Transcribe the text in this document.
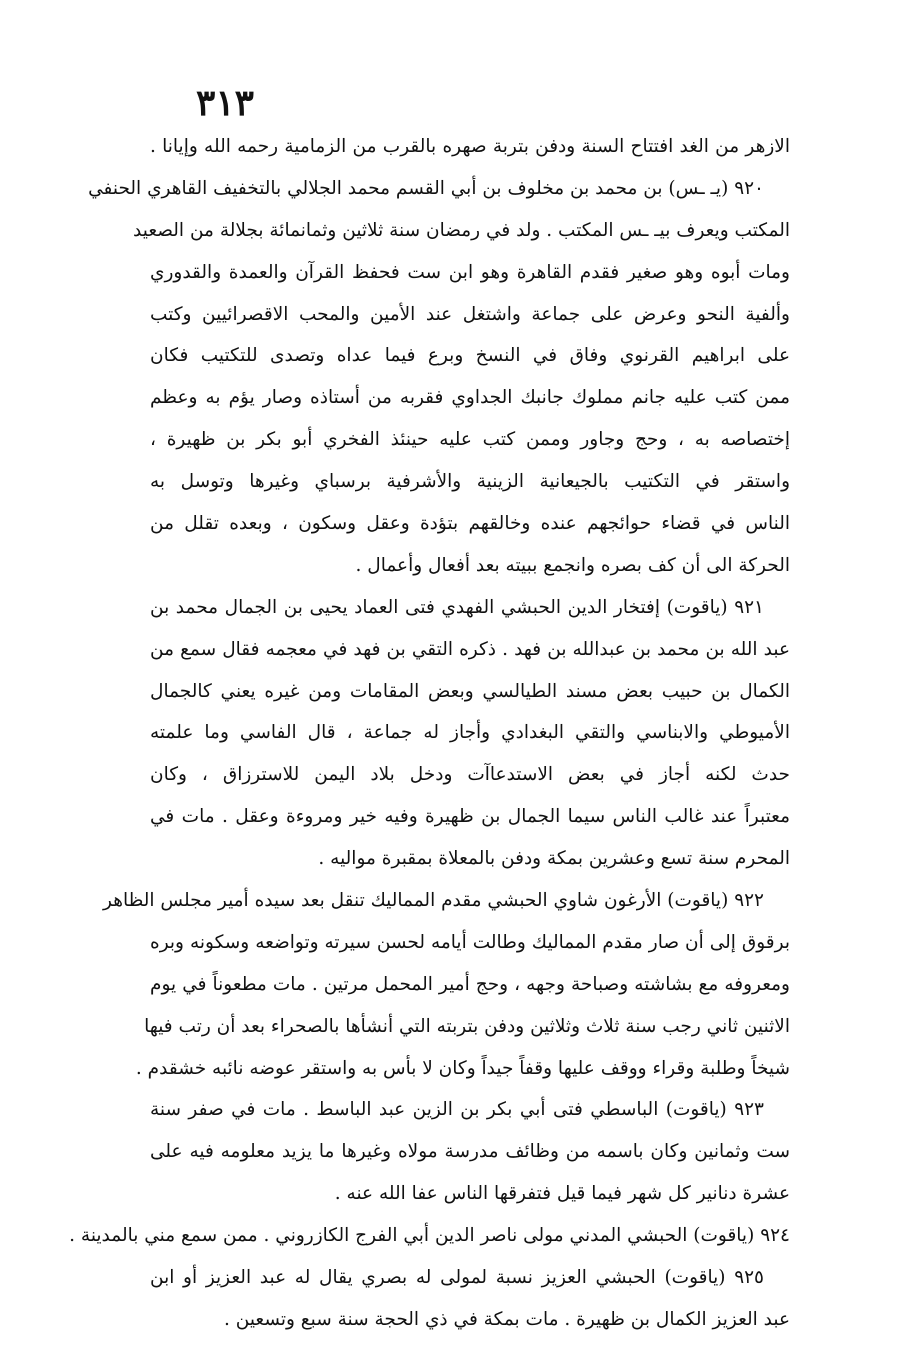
٣١٣
الازهر من الغد افتتاح السنة ودفن بتربة صهره بالقرب من الزمامية رحمه الله وإيانا .
٩٢٠ (يـ ـس) بن محمد بن مخلوف بن أبي القسم محمد الجلالي بالتخفيف القاهري الحنفي
المكتب ويعرف بيـ ـس المكتب . ولد في رمضان سنة ثلاثين وثمانمائة بجلالة من الصعيد
ومات أبوه وهو صغير فقدم القاهرة وهو ابن ست فحفظ القرآن والعمدة والقدوري
وألفية النحو وعرض على جماعة واشتغل عند الأمين والمحب الاقصرائيين وكتب
على ابراهيم القرنوي وفاق في النسخ وبرع فيما عداه وتصدى للتكتيب فكان
ممن كتب عليه جانم مملوك جانبك الجداوي فقربه من أستاذه وصار يؤم به وعظم
إختصاصه به ، وحج وجاور وممن كتب عليه حينئذ الفخري أبو بكر بن ظهيرة ،
واستقر في التكتيب بالجيعانية الزينية والأشرفية برسباي وغيرها وتوسل به
الناس في قضاء حوائجهم عنده وخالقهم بتؤدة وعقل وسكون ، وبعده تقلل من
الحركة الى أن كف بصره وانجمع ببيته بعد أفعال وأعمال .
٩٢١ (ياقوت) إفتخار الدين الحبشي الفهدي فتى العماد يحيى بن الجمال محمد بن
عبد الله بن محمد بن عبدالله بن فهد . ذكره التقي بن فهد في معجمه فقال سمع من
الكمال بن حبيب بعض مسند الطيالسي وبعض المقامات ومن غيره يعني كالجمال
الأميوطي والابناسي والتقي البغدادي وأجاز له جماعة ، قال الفاسي وما علمته
حدث لكنه أجاز في بعض الاستدعاآت ودخل بلاد اليمن للاسترزاق ، وكان
معتبراً عند غالب الناس سيما الجمال بن ظهيرة وفيه خير ومروءة وعقل . مات في
المحرم سنة تسع وعشرين بمكة ودفن بالمعلاة بمقبرة مواليه .
٩٢٢ (ياقوت) الأرغون شاوي الحبشي مقدم المماليك تنقل بعد سيده أمير مجلس الظاهر
برقوق إلى أن صار مقدم المماليك وطالت أيامه لحسن سيرته وتواضعه وسكونه وبره
ومعروفه مع بشاشته وصباحة وجهه ، وحج أمير المحمل مرتين . مات مطعوناً في يوم
الاثنين ثاني رجب سنة ثلاث وثلاثين ودفن بتربته التي أنشأها بالصحراء بعد أن رتب فيها
شيخاً وطلبة وقراء ووقف عليها وقفاً جيداً وكان لا بأس به واستقر عوضه نائبه خشقدم .
٩٢٣ (ياقوت) الباسطي فتى أبي بكر بن الزين عبد الباسط . مات في صفر سنة
ست وثمانين وكان باسمه من وظائف مدرسة مولاه وغيرها ما يزيد معلومه فيه على
عشرة دنانير كل شهر فيما قيل فتفرقها الناس عفا الله عنه .
٩٢٤ (ياقوت) الحبشي المدني مولى ناصر الدين أبي الفرج الكازروني . ممن سمع مني بالمدينة .
٩٢٥ (ياقوت) الحبشي العزيز نسبة لمولى له بصري يقال له عبد العزيز أو ابن
عبد العزيز الكمال بن ظهيرة . مات بمكة في ذي الحجة سنة سبع وتسعين .
